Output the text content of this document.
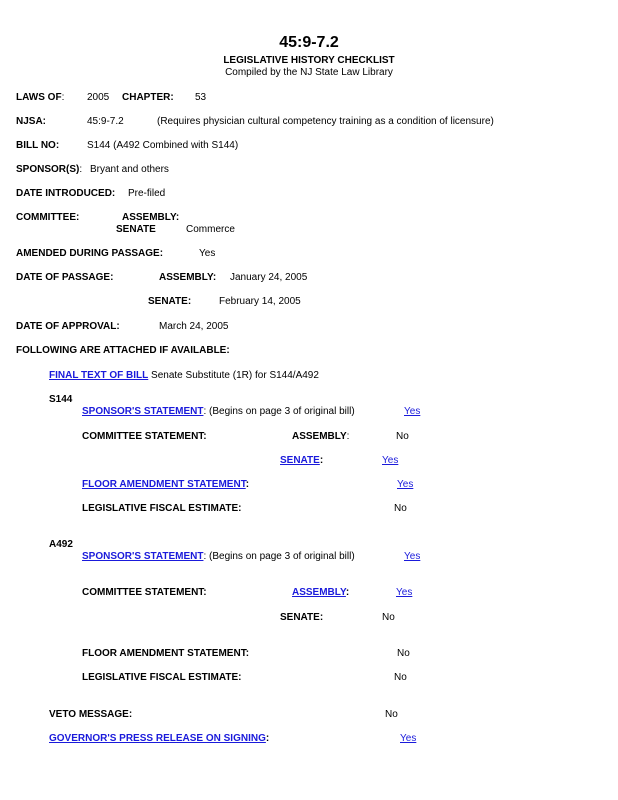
45:9-7.2
LEGISLATIVE HISTORY CHECKLIST
Compiled by the NJ State Law Library
LAWS OF: 2005 CHAPTER: 53
NJSA:	45:9-7.2	(Requires physician cultural competency training as a condition of licensure)
BILL NO:	S144 (A492 Combined with S144)
SPONSOR(S): Bryant and others
DATE INTRODUCED: Pre-filed
COMMITTEE:	ASSEMBLY:
SENATE	Commerce
AMENDED DURING PASSAGE:	Yes
DATE OF PASSAGE:	ASSEMBLY: January 24, 2005
SENATE:	February 14, 2005
DATE OF APPROVAL:	March 24, 2005
FOLLOWING ARE ATTACHED IF AVAILABLE:
FINAL TEXT OF BILL Senate Substitute (1R) for S144/A492
S144
SPONSOR'S STATEMENT: (Begins on page 3 of original bill)	Yes
COMMITTEE STATEMENT:	ASSEMBLY:	No
SENATE:	Yes
FLOOR AMENDMENT STATEMENT:	Yes
LEGISLATIVE FISCAL ESTIMATE:	No
A492
SPONSOR'S STATEMENT: (Begins on page 3 of original bill)	Yes
COMMITTEE STATEMENT:	ASSEMBLY:	Yes
SENATE:	No
FLOOR AMENDMENT STATEMENT:	No
LEGISLATIVE FISCAL ESTIMATE:	No
VETO MESSAGE:	No
GOVERNOR'S PRESS RELEASE ON SIGNING:	Yes
